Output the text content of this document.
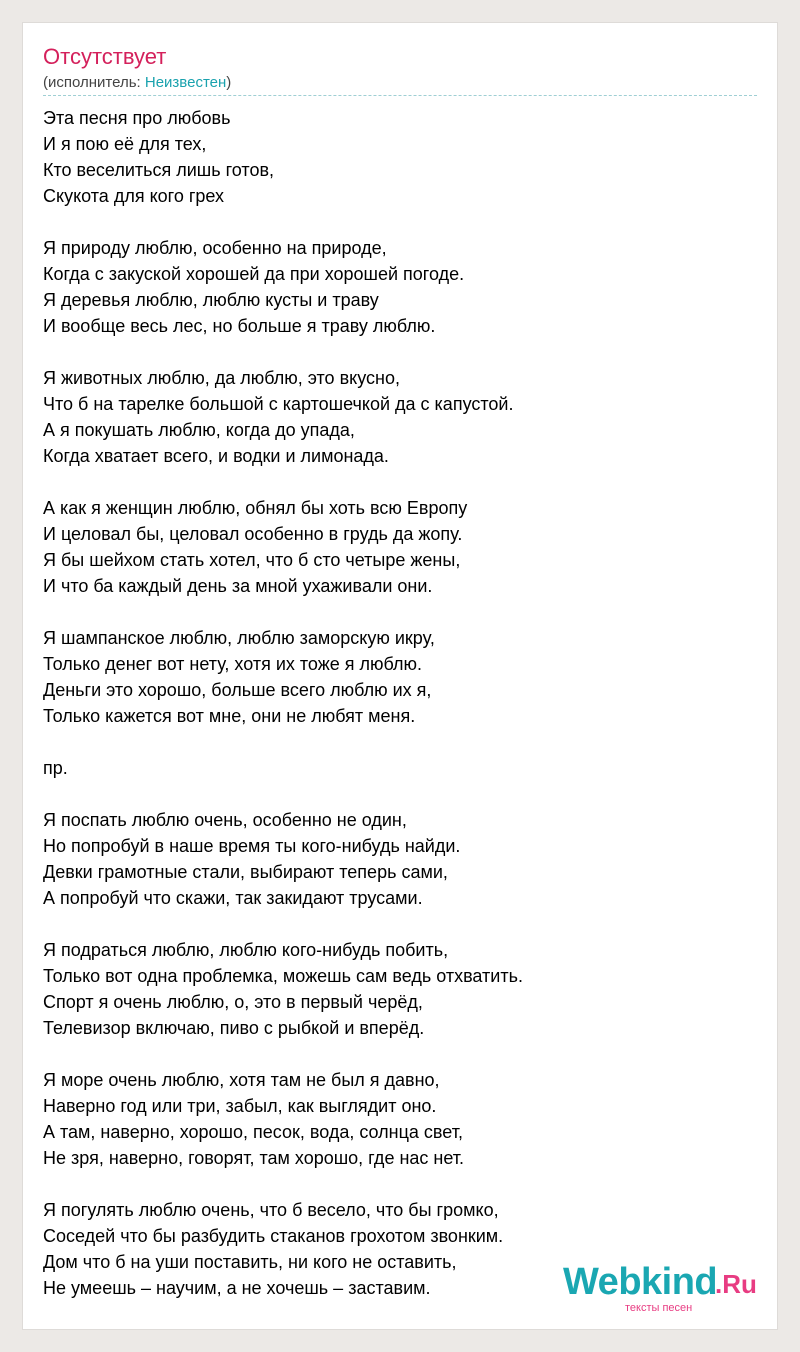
Отсутствует
(исполнитель: Неизвестен)
Эта песня про любовь
И я пою её для тех,
Кто веселиться лишь готов,
Скукота для кого грех
Я природу люблю, особенно на природе,
Когда с закуской хорошей да при хорошей погоде.
Я деревья люблю, люблю кусты и траву
И вообще весь лес, но больше я траву люблю.
Я животных люблю, да люблю, это вкусно,
Что б на тарелке большой с картошечкой да с капустой.
А я покушать люблю, когда до упада,
Когда хватает всего, и водки и лимонада.
А как я женщин люблю, обнял бы хоть всю Европу
И целовал бы, целовал особенно в грудь да жопу.
Я бы шейхом стать хотел, что б сто четыре жены,
И что ба каждый день за мной ухаживали они.
Я шампанское люблю, люблю заморскую икру,
Только денег вот нету, хотя их тоже я люблю.
Деньги это хорошо, больше всего люблю их я,
Только кажется вот мне, они не любят меня.
пр.
Я поспать люблю очень, особенно не один,
Но попробуй в наше время ты кого-нибудь найди.
Девки грамотные стали, выбирают теперь сами,
А попробуй что скажи, так закидают трусами.
Я подраться люблю, люблю кого-нибудь побить,
Только вот одна проблемка, можешь сам ведь отхватить.
Спорт я очень люблю, о, это в первый черёд,
Телевизор включаю, пиво с рыбкой и вперёд.
Я море очень люблю, хотя там не был я давно,
Наверно год или три, забыл, как выглядит оно.
А там, наверно, хорошо, песок, вода, солнца свет,
Не зря, наверно, говорят, там хорошо, где нас нет.
Я погулять люблю очень, что б весело, что бы громко,
Соседей что бы разбудить стаканов грохотом звонким.
Дом что б на уши поставить, ни кого не оставить,
Не умеешь – научим, а не хочешь – заставим.	Webkind
.Ru
тексты песен
